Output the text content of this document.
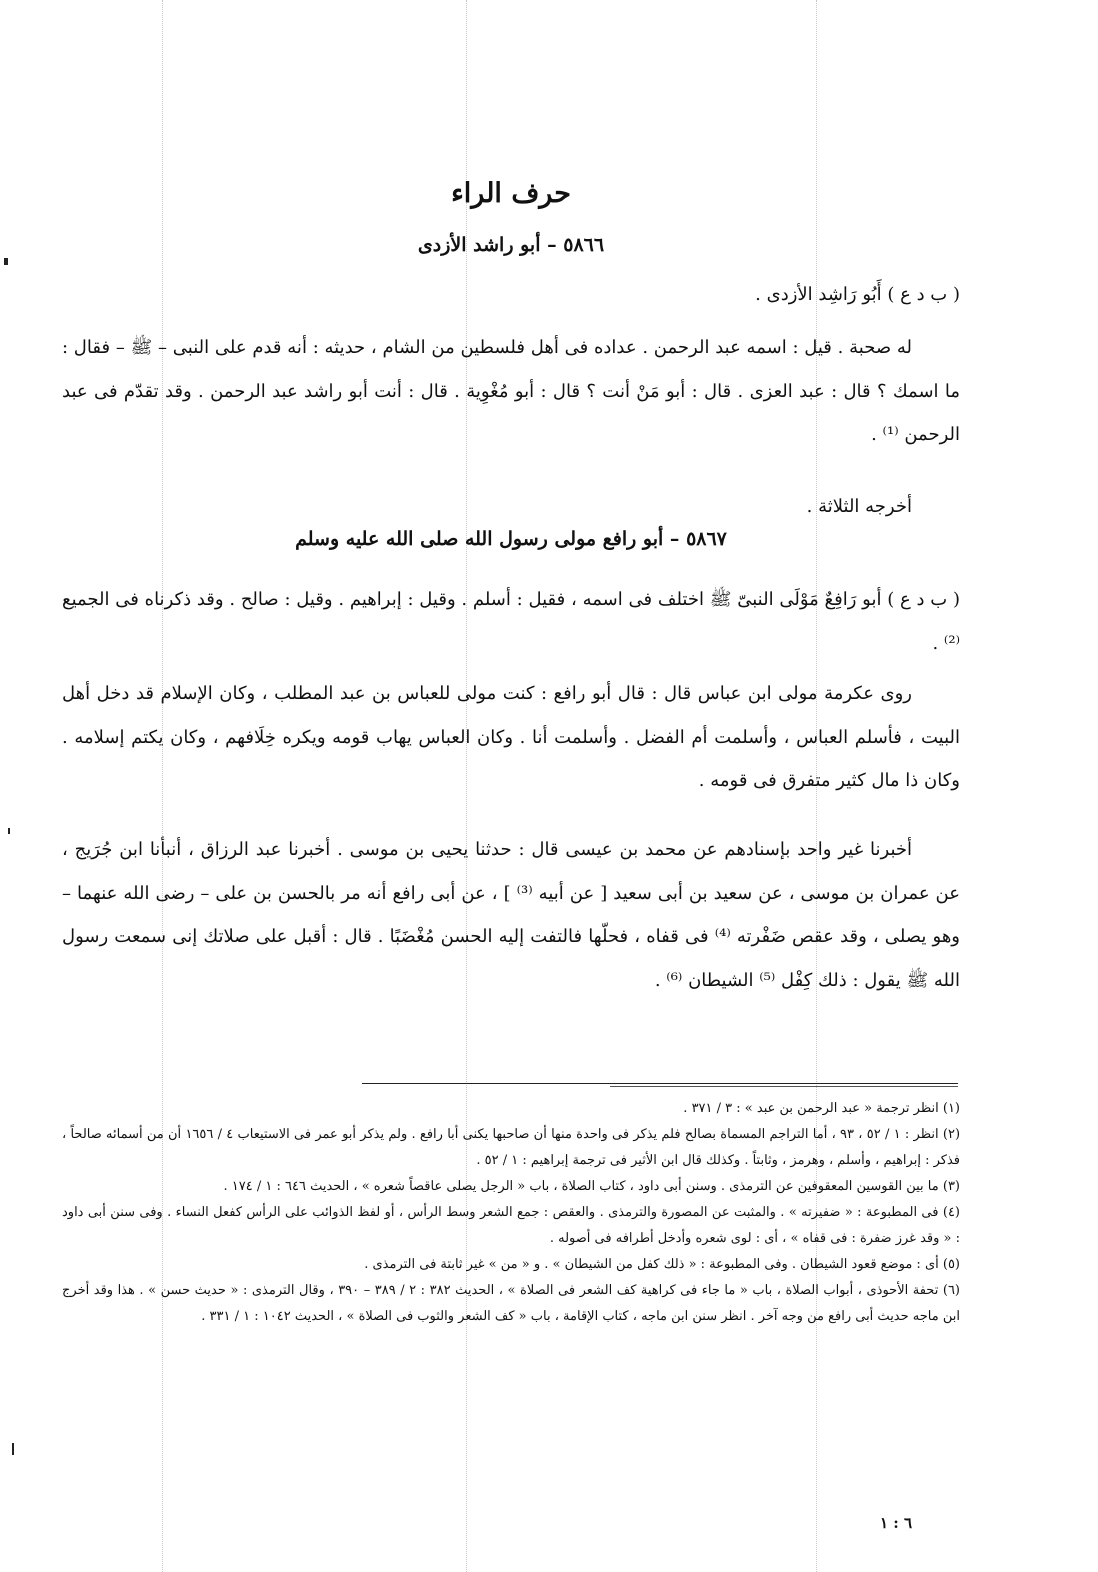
حرف الراء
٥٨٦٦ – أبو راشد الأزدى
( ب د ع ) أَبُو رَاشِد الأزدى .
له صحبة . قيل : اسمه عبد الرحمن . عداده فى أهل فلسطين من الشام ، حديثه : أنه قدم على النبى – ﷺ – فقال : ما اسمك ؟ قال : عبد العزى . قال : أبو مَنْ أنت ؟ قال : أبو مُغْوِية . قال : أنت أبو راشد عبد الرحمن . وقد تقدّم فى عبد الرحمن ⁽¹⁾ .
أخرجه الثلاثة .
٥٨٦٧ – أبو رافع مولى رسول الله صلى الله عليه وسلم
( ب د ع ) أبو رَافِعٌ مَوْلَى النبىّ ﷺ اختلف فى اسمه ، فقيل : أسلم . وقيل : إبراهيم . وقيل : صالح . وقد ذكرناه فى الجميع ⁽²⁾ .
روى عكرمة مولى ابن عباس قال : قال أبو رافع : كنت مولى للعباس بن عبد المطلب ، وكان الإسلام قد دخل أهل البيت ، فأسلم العباس ، وأسلمت أم الفضل . وأسلمت أنا . وكان العباس يهاب قومه ويكره خِلَافهم ، وكان يكتم إسلامه . وكان ذا مال كثير متفرق فى قومه .
أخبرنا غير واحد بإسنادهم عن محمد بن عيسى قال : حدثنا يحيى بن موسى . أخبرنا عبد الرزاق ، أنبأنا ابن جُرَيج ، عن عمران بن موسى ، عن سعيد بن أبى سعيد [ عن أبيه ⁽³⁾ ] ، عن أبى رافع أنه مر بالحسن بن على – رضى الله عنهما – وهو يصلى ، وقد عقص ضَفْرته ⁽⁴⁾ فى قفاه ، فحلّها فالتفت إليه الحسن مُغْضَبًا . قال : أقبل على صلاتك إنى سمعت رسول الله ﷺ يقول : ذلك كِفْل ⁽⁵⁾ الشيطان ⁽⁶⁾ .

(١) انظر ترجمة « عبد الرحمن بن عبد » : ٣ / ٣٧١ .

(٢) انظر : ١ / ٥٢ ، ٩٣ ، أما التراجم المسماة بصالح فلم يذكر فى واحدة منها أن صاحبها يكنى أبا رافع . ولم يذكر أبو عمر فى الاستيعاب ٤ / ١٦٥٦ أن من أسمائه صالحاً ، فذكر : إبراهيم ، وأسلم ، وهرمز ، وثابتاً . وكذلك قال ابن الأثير فى ترجمة إبراهيم : ١ / ٥٢ .

(٣) ما بين القوسين المعقوفين عن الترمذى . وسنن أبى داود ، كتاب الصلاة ، باب « الرجل يصلى عاقصاً شعره » ، الحديث ٦٤٦ : ١ / ١٧٤ .

(٤) فى المطبوعة : « ضفيرته » . والمثبت عن المصورة والترمذى . والعقص : جمع الشعر وسط الرأس ، أو لفظ الذوائب على الرأس كفعل النساء . وفى سنن أبى داود : « وقد غرز ضفرة : فى قفاه » ، أى : لوى شعره وأدخل أطرافه فى أصوله .

(٥) أى : موضع قعود الشيطان . وفى المطبوعة : « ذلك كفل من الشيطان » . و « من » غير ثابتة فى الترمذى .

(٦) تحفة الأحوذى ، أبواب الصلاة ، باب « ما جاء فى كراهية كف الشعر فى الصلاة » ، الحديث ٣٨٢ : ٢ / ٣٨٩ – ٣٩٠ ، وقال الترمذى : « حديث حسن » . هذا وقد أخرج ابن ماجه حديث أبى رافع من وجه آخر . انظر سنن ابن ماجه ، كتاب الإقامة ، باب « كف الشعر والثوب فى الصلاة » ، الحديث ١٠٤٢ : ١ / ٣٣١ .

٦ : ١
